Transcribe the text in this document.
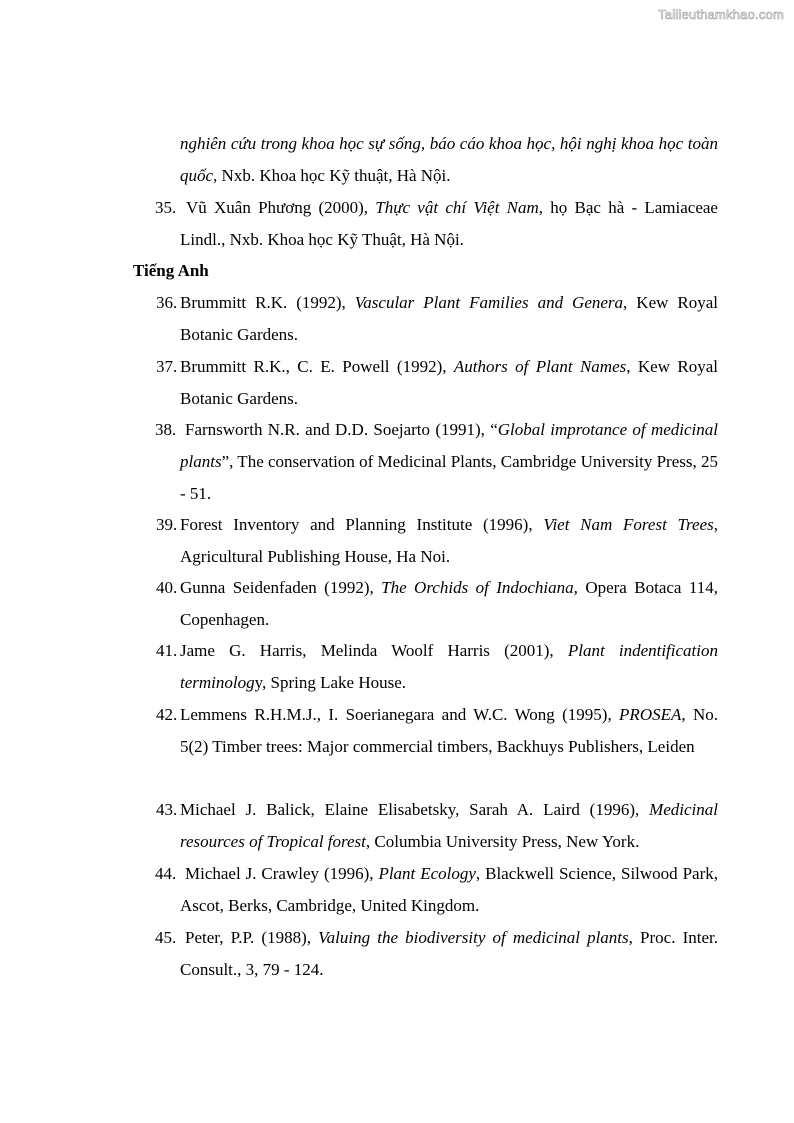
Tailieuthamkhao.com
nghiên cứu trong khoa học sự sống, báo cáo khoa học, hội nghị khoa học toàn quốc, Nxb. Khoa học Kỹ thuật, Hà Nội.
35. Vũ Xuân Phương (2000), Thực vật chí Việt Nam, họ Bạc hà - Lamiaceae Lindl., Nxb. Khoa học Kỹ Thuật, Hà Nội.
Tiếng Anh
36. Brummitt R.K. (1992), Vascular Plant Families and Genera, Kew Royal Botanic Gardens.
37. Brummitt R.K., C. E. Powell (1992), Authors of Plant Names, Kew Royal Botanic Gardens.
38. Farnsworth N.R. and D.D. Soejarto (1991), “Global improtance of medicinal plants”, The conservation of Medicinal Plants, Cambridge University Press, 25 - 51.
39. Forest Inventory and Planning Institute (1996), Viet Nam Forest Trees, Agricultural Publishing House, Ha Noi.
40. Gunna Seidenfaden (1992), The Orchids of Indochiana, Opera Botaca 114, Copenhagen.
41. Jame G. Harris, Melinda Woolf Harris (2001), Plant indentification terminology, Spring Lake House.
42. Lemmens R.H.M.J., I. Soerianegara and W.C. Wong (1995), PROSEA, No. 5(2) Timber trees: Major commercial timbers, Backhuys Publishers, Leiden
43. Michael J. Balick, Elaine Elisabetsky, Sarah A. Laird (1996), Medicinal resources of Tropical forest, Columbia University Press, New York.
44. Michael J. Crawley (1996), Plant Ecology, Blackwell Science, Silwood Park, Ascot, Berks, Cambridge, United Kingdom.
45. Peter, P.P. (1988), Valuing the biodiversity of medicinal plants, Proc. Inter. Consult., 3, 79 - 124.
